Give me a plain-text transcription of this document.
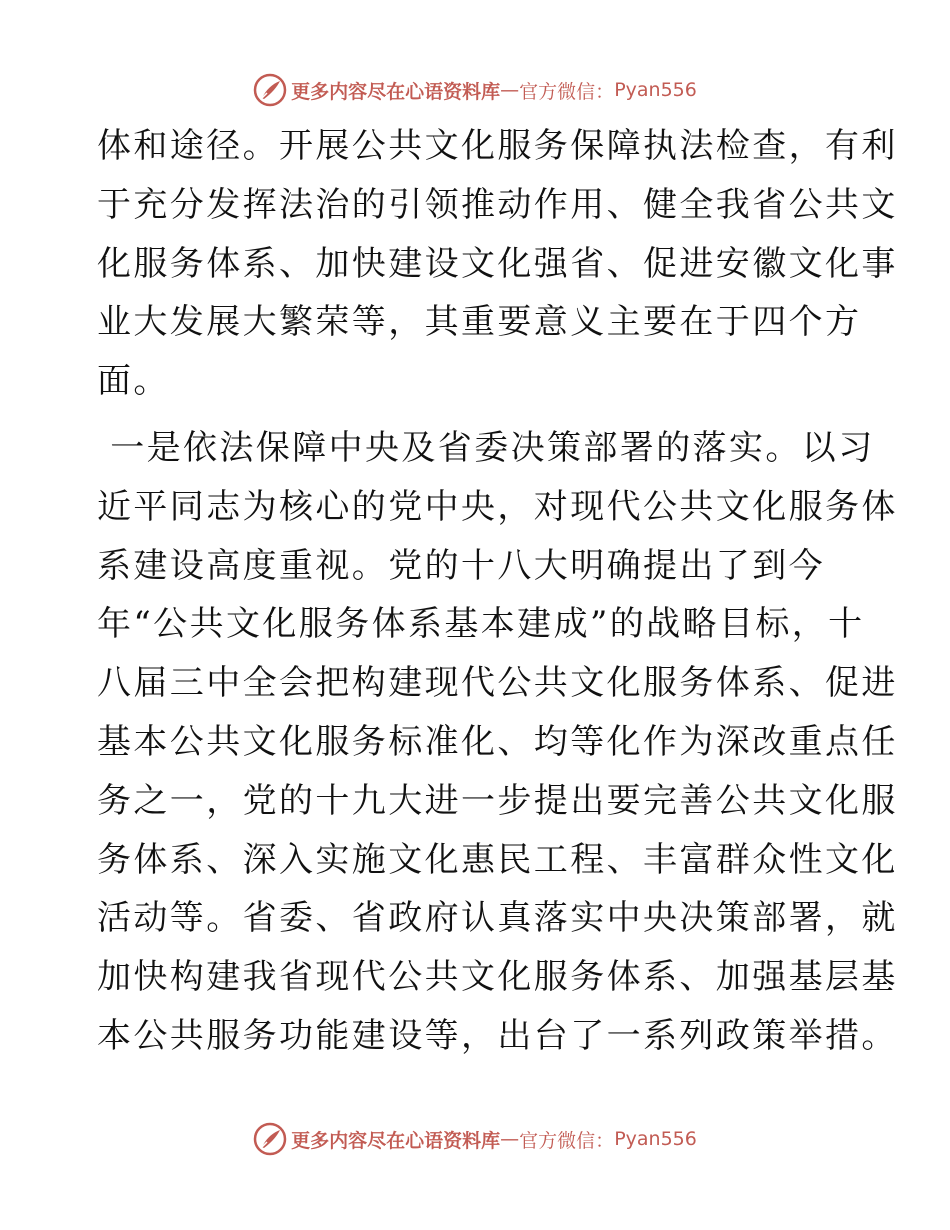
更多内容尽在心语资料库 — 官方微信： Pyan556
体和途径。开展公共文化服务保障执法检查，有利
于充分发挥法治的引领推动作用、健全我省公共文
化服务体系、加快建设文化强省、促进安徽文化事
业大发展大繁荣等，其重要意义主要在于四个方
面。
一是依法保障中央及省委决策部署的落实。以习
近平同志为核心的党中央，对现代公共文化服务体
系建设高度重视。党的十八大明确提出了到今
年“公共文化服务体系基本建成”的战略目标，十
八届三中全会把构建现代公共文化服务体系、促进
基本公共文化服务标准化、均等化作为深改重点任
务之一，党的十九大进一步提出要完善公共文化服
务体系、深入实施文化惠民工程、丰富群众性文化
活动等。省委、省政府认真落实中央决策部署，就
加快构建我省现代公共文化服务体系、加强基层基
本公共服务功能建设等，出台了一系列政策举措。
更多内容尽在心语资料库 — 官方微信： Pyan556
